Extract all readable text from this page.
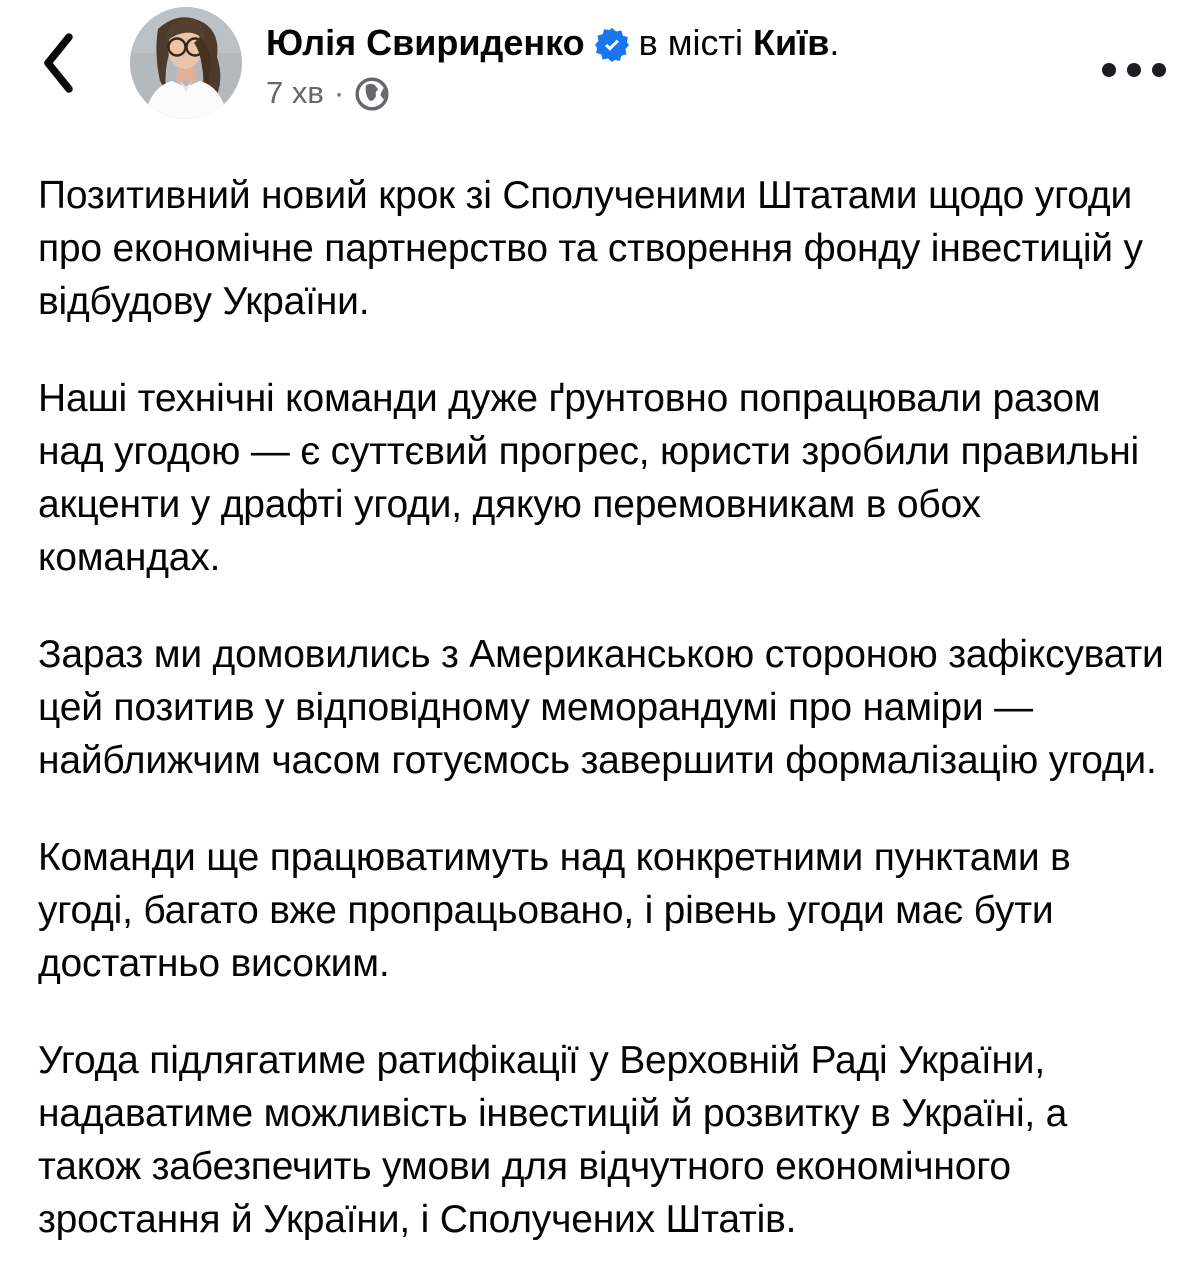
Юлія Свириденко в місті Київ .
7 хв ·

Позитивний новий крок зі Сполученими Штатами щодо угоди про економічне партнерство та створення фонду інвестицій у відбудову України.

Наші технічні команди дуже ґрунтовно попрацювали разом над угодою — є суттєвий прогрес, юристи зробили правильні акценти у драфті угоди, дякую перемовникам в обох командах.

Зараз ми домовились з Американською стороною зафіксувати цей позитив у відповідному меморандумі про наміри — найближчим часом готуємось завершити формалізацію угоди.

Команди ще працюватимуть над конкретними пунктами в угоді, багато вже пропрацьовано, і рівень угоди має бути достатньо високим.

Угода підлягатиме ратифікації у Верховній Раді України, надаватиме можливість інвестицій й розвитку в Україні, а також забезпечить умови для відчутного економічного зростання й України, і Сполучених Штатів.
